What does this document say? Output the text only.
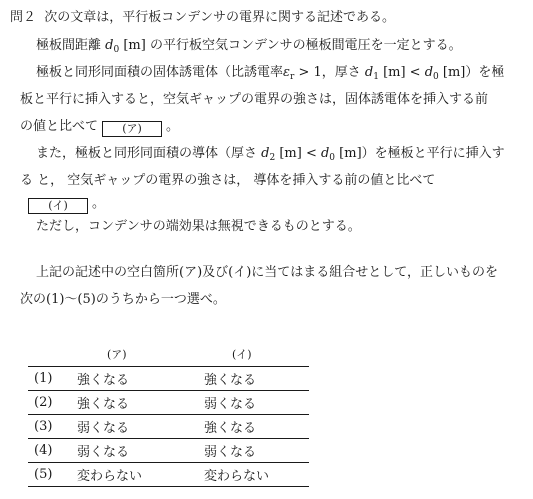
問２ 次の文章は，平行板コンデンサの電界に関する記述である。
極板間距離 $d_0$ [m] の平行板空気コンデンサの極板間電圧を一定とする。
極板と同形同面積の固体誘電体（比誘電率$\varepsilon_r > 1$，厚さ $d_1$ $[m] < d_0$ [m]）を極
板と平行に挿入すると，空気ギャップの電界の強さは，固体誘電体を挿入する前
の値と比べて (ア) 。
また，極板と同形同面積の導体（厚さ $d_2$ $[m] < d_0$ [m]）を極板と平行に挿入す
る と， 空気ギャップの電界の強さは， 導体を挿入する前の値と比べて
(イ) 。
ただし，コンデンサの端効果は無視できるものとする。
上記の記述中の空白箇所(ア)及び(イ)に当てはまる組合せとして，正しいものを
次の(1)〜(5)のうちから一つ選べ。
	(ア)	(イ)
(1)	強くなる	強くなる
(2)	強くなる	弱くなる
(3)	弱くなる	強くなる
(4)	弱くなる	弱くなる
(5)	変わらない	変わらない
